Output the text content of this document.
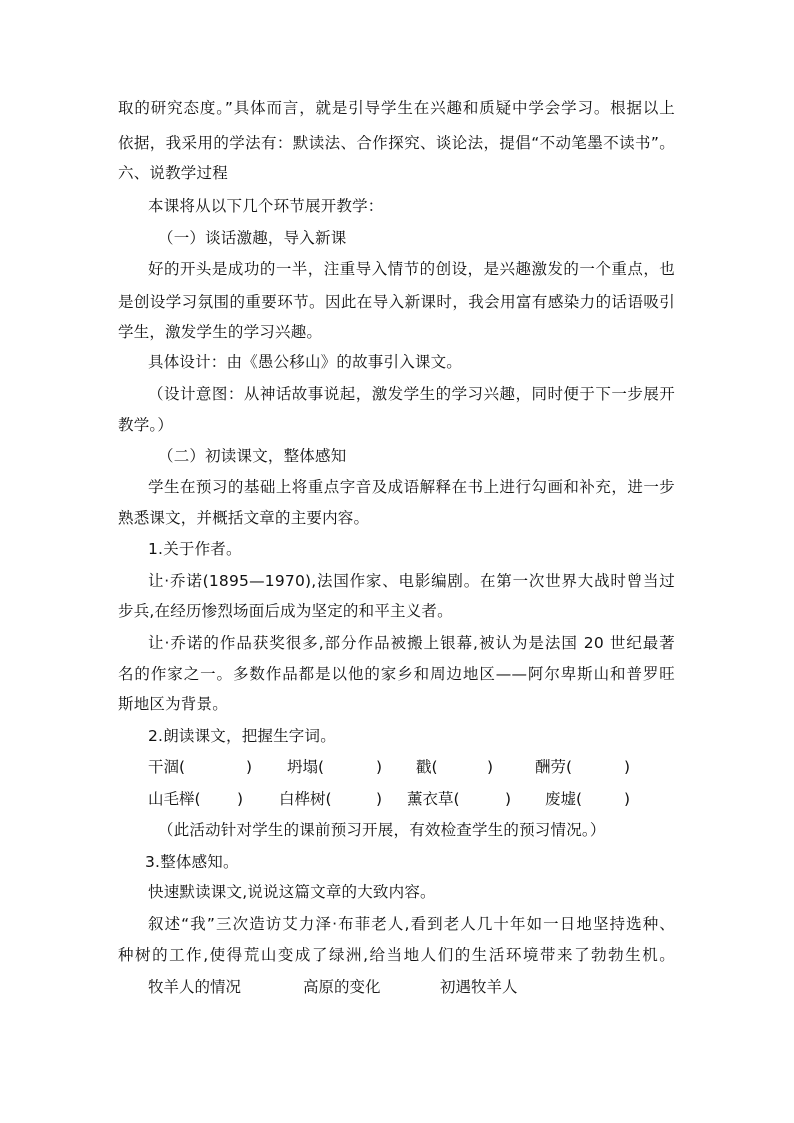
取的研究态度。”具体而言，就是引导学生在兴趣和质疑中学会学习。根据以上

依据，我采用的学法有：默读法、合作探究、谈论法，提倡“不动笔墨不读书”。

六、说教学过程

本课将从以下几个环节展开教学：

（一）谈话激趣，导入新课

好的开头是成功的一半，注重导入情节的创设，是兴趣激发的一个重点，也

是创设学习氛围的重要环节。因此在导入新课时，我会用富有感染力的话语吸引

学生，激发学生的学习兴趣。

具体设计：由《愚公移山》的故事引入课文。

（设计意图：从神话故事说起，激发学生的学习兴趣，同时便于下一步展开

教学。）

（二）初读课文，整体感知

学生在预习的基础上将重点字音及成语解释在书上进行勾画和补充，进一步

熟悉课文，并概括文章的主要内容。

1.关于作者。

让·乔诺(1895—1970),法国作家、电影编剧。在第一次世界大战时曾当过

步兵,在经历惨烈场面后成为坚定的和平主义者。

让·乔诺的作品获奖很多,部分作品被搬上银幕,被认为是法国 20 世纪最著

名的作家之一。多数作品都是以他的家乡和周边地区——阿尔卑斯山和普罗旺

斯地区为背景。

2.朗读课文，把握生字词。

干涸(	) 坍塌(	) 戳(	)	酬劳(	)
山毛榉( ) 白桦树(	) 薰衣草(	) 废墟(	)

（此活动针对学生的课前预习开展，有效检查学生的预习情况。）

3.整体感知。

快速默读课文,说说这篇文章的大致内容。

叙述“我”三次造访艾力泽·布菲老人,看到老人几十年如一日地坚持选种、

种树的工作,使得荒山变成了绿洲,给当地人们的生活环境带来了勃勃生机。

牧羊人的情况	高原的变化	初遇牧羊人
